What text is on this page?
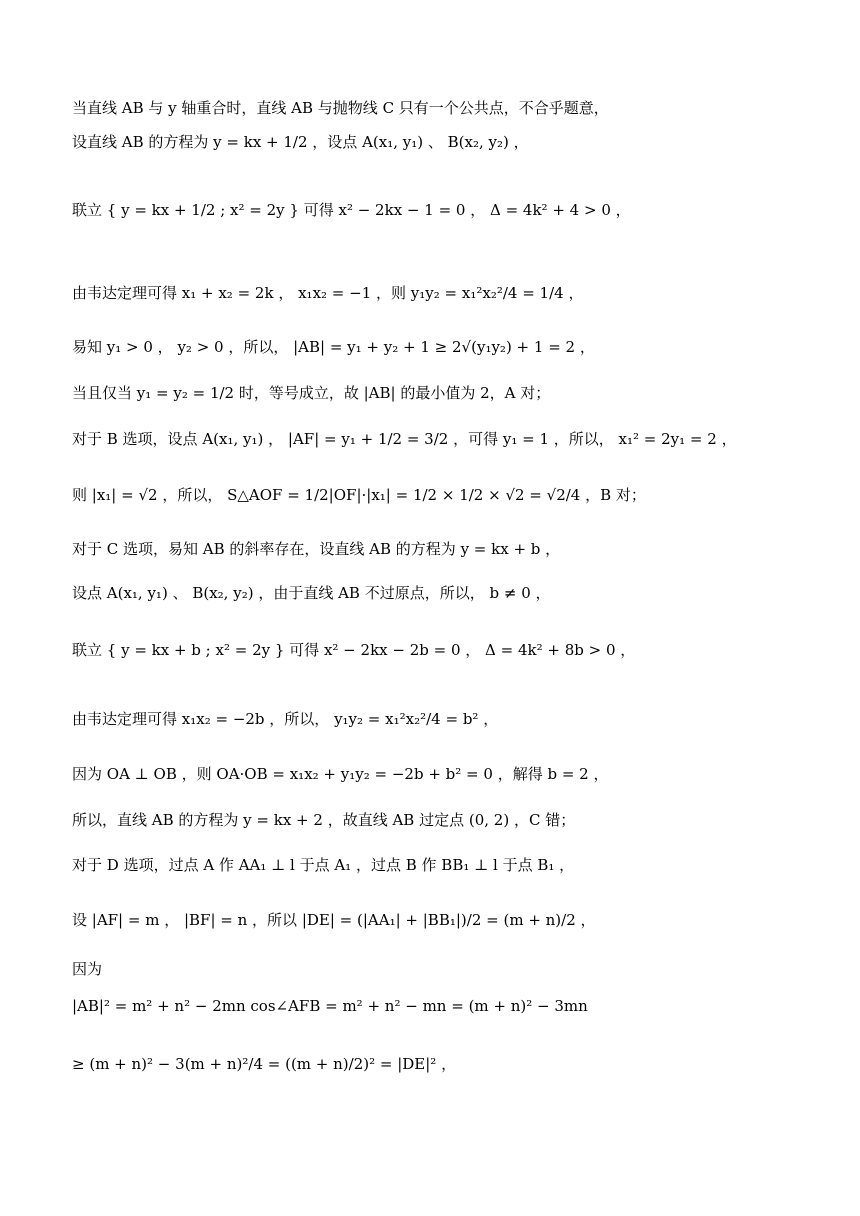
当直线 AB 与 y 轴重合时，直线 AB 与抛物线 C 只有一个公共点，不合乎题意，
设直线 AB 的方程为 y = kx + 1/2 ，设点 A(x₁, y₁) 、 B(x₂, y₂) ，
联立 { y = kx + 1/2 ; x² = 2y } 可得 x² − 2kx − 1 = 0 ， Δ = 4k² + 4 > 0 ，
由韦达定理可得 x₁ + x₂ = 2k ， x₁x₂ = −1 ，则 y₁y₂ = x₁²x₂²/4 = 1/4 ，
易知 y₁ > 0 ， y₂ > 0 ，所以， |AB| = y₁ + y₂ + 1 ≥ 2√(y₁y₂) + 1 = 2 ，
当且仅当 y₁ = y₂ = 1/2 时，等号成立，故 |AB| 的最小值为 2，A 对；
对于 B 选项，设点 A(x₁, y₁) ， |AF| = y₁ + 1/2 = 3/2 ，可得 y₁ = 1 ，所以， x₁² = 2y₁ = 2 ，
则 |x₁| = √2 ，所以， S△AOF = 1/2|OF|·|x₁| = 1/2 × 1/2 × √2 = √2/4 ，B 对；
对于 C 选项，易知 AB 的斜率存在，设直线 AB 的方程为 y = kx + b ，
设点 A(x₁, y₁) 、 B(x₂, y₂) ，由于直线 AB 不过原点，所以， b ≠ 0 ，
联立 { y = kx + b ; x² = 2y } 可得 x² − 2kx − 2b = 0 ， Δ = 4k² + 8b > 0 ，
由韦达定理可得 x₁x₂ = −2b ，所以， y₁y₂ = x₁²x₂²/4 = b² ，
因为 OA ⊥ OB ，则 OA·OB = x₁x₂ + y₁y₂ = −2b + b² = 0 ，解得 b = 2 ，
所以，直线 AB 的方程为 y = kx + 2 ，故直线 AB 过定点 (0, 2) ，C 错；
对于 D 选项，过点 A 作 AA₁ ⊥ l 于点 A₁ ，过点 B 作 BB₁ ⊥ l 于点 B₁ ，
设 |AF| = m ， |BF| = n ，所以 |DE| = (|AA₁| + |BB₁|)/2 = (m + n)/2 ，
因为
|AB|² = m² + n² − 2mn cos∠AFB = m² + n² − mn = (m + n)² − 3mn
≥ (m + n)² − 3(m + n)²/4 = ((m + n)/2)² = |DE|² ，
